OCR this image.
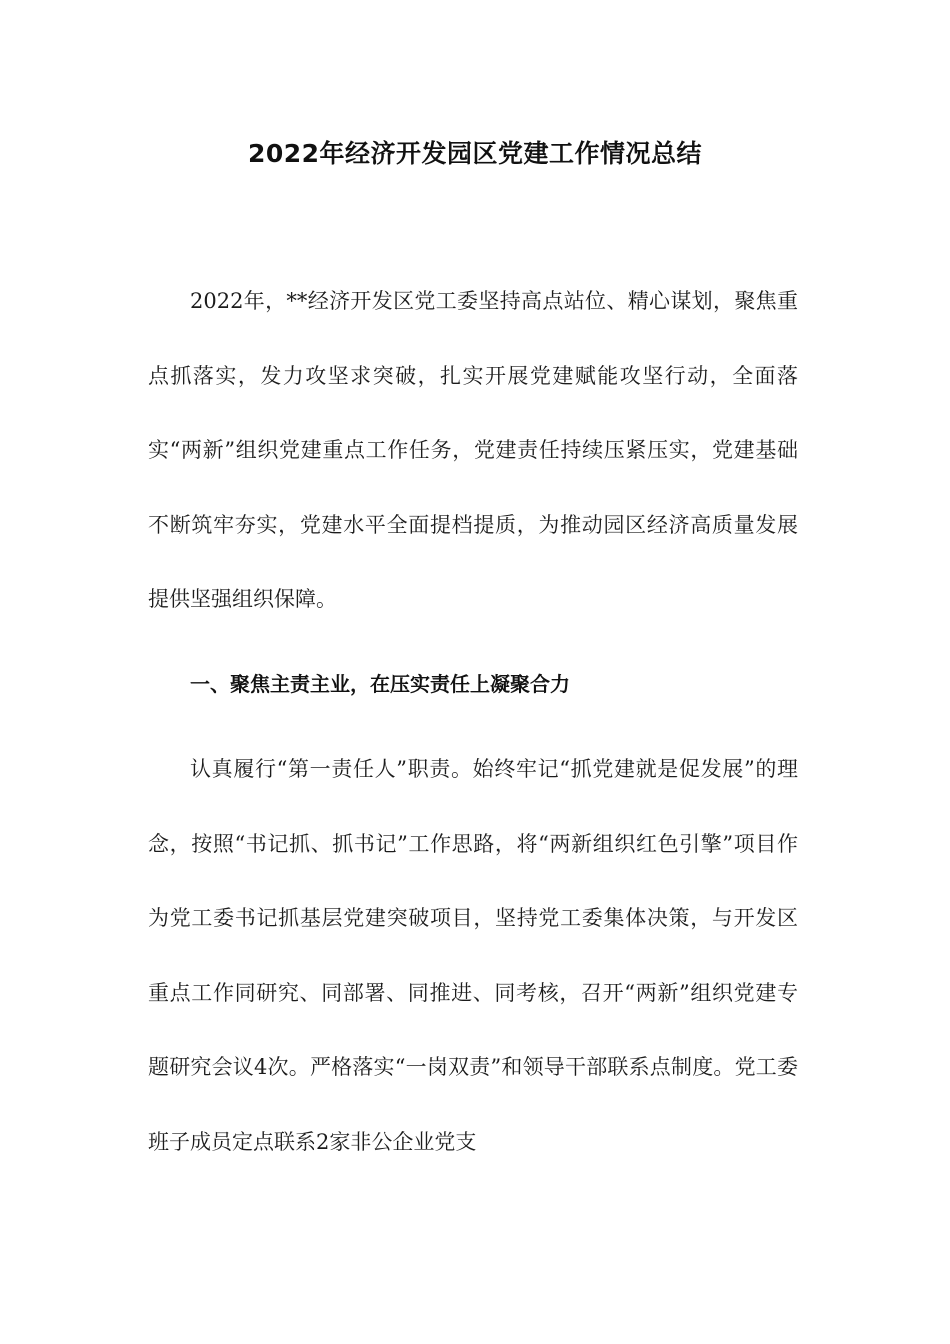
2022年经济开发园区党建工作情况总结

2022年，**经济开发区党工委坚持高点站位、精心谋划，聚焦重点抓落实，发力攻坚求突破，扎实开展党建赋能攻坚行动，全面落实“两新”组织党建重点工作任务，党建责任持续压紧压实，党建基础不断筑牢夯实，党建水平全面提档提质，为推动园区经济高质量发展提供坚强组织保障。

一、聚焦主责主业，在压实责任上凝聚合力

认真履行“第一责任人”职责。始终牢记“抓党建就是促发展”的理念，按照“书记抓、抓书记”工作思路，将“两新组织红色引擎”项目作为党工委书记抓基层党建突破项目，坚持党工委集体决策，与开发区重点工作同研究、同部署、同推进、同考核，召开“两新”组织党建专题研究会议4次。严格落实“一岗双责”和领导干部联系点制度。党工委班子成员定点联系2家非公企业党支
